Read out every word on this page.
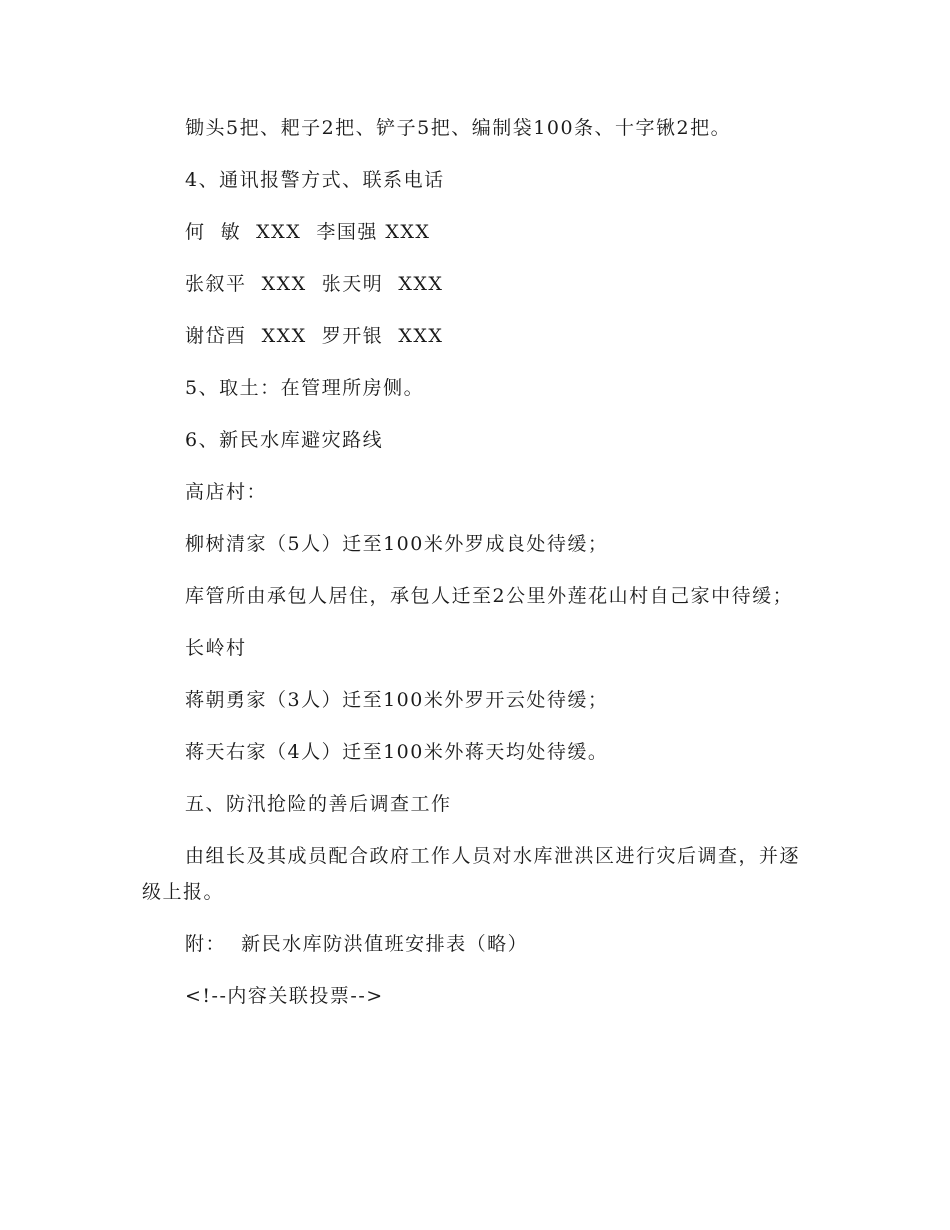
锄头5把、耙子2把、铲子5把、编制袋100条、十字锹2把。

4、通讯报警方式、联系电话

何  敏  XXX  李国强 XXX

张叙平  XXX  张天明  XXX

谢岱酉  XXX  罗开银  XXX

5、取土：在管理所房侧。

6、新民水库避灾路线

高店村：

柳树清家（5人）迁至100米外罗成良处待缓；

库管所由承包人居住，承包人迁至2公里外莲花山村自己家中待缓；

长岭村

蒋朝勇家（3人）迁至100米外罗开云处待缓；

蒋天右家（4人）迁至100米外蒋天均处待缓。

五、防汛抢险的善后调查工作

由组长及其成员配合政府工作人员对水库泄洪区进行灾后调查，并逐级上报。

附：  新民水库防洪值班安排表（略）

<!--内容关联投票-->
